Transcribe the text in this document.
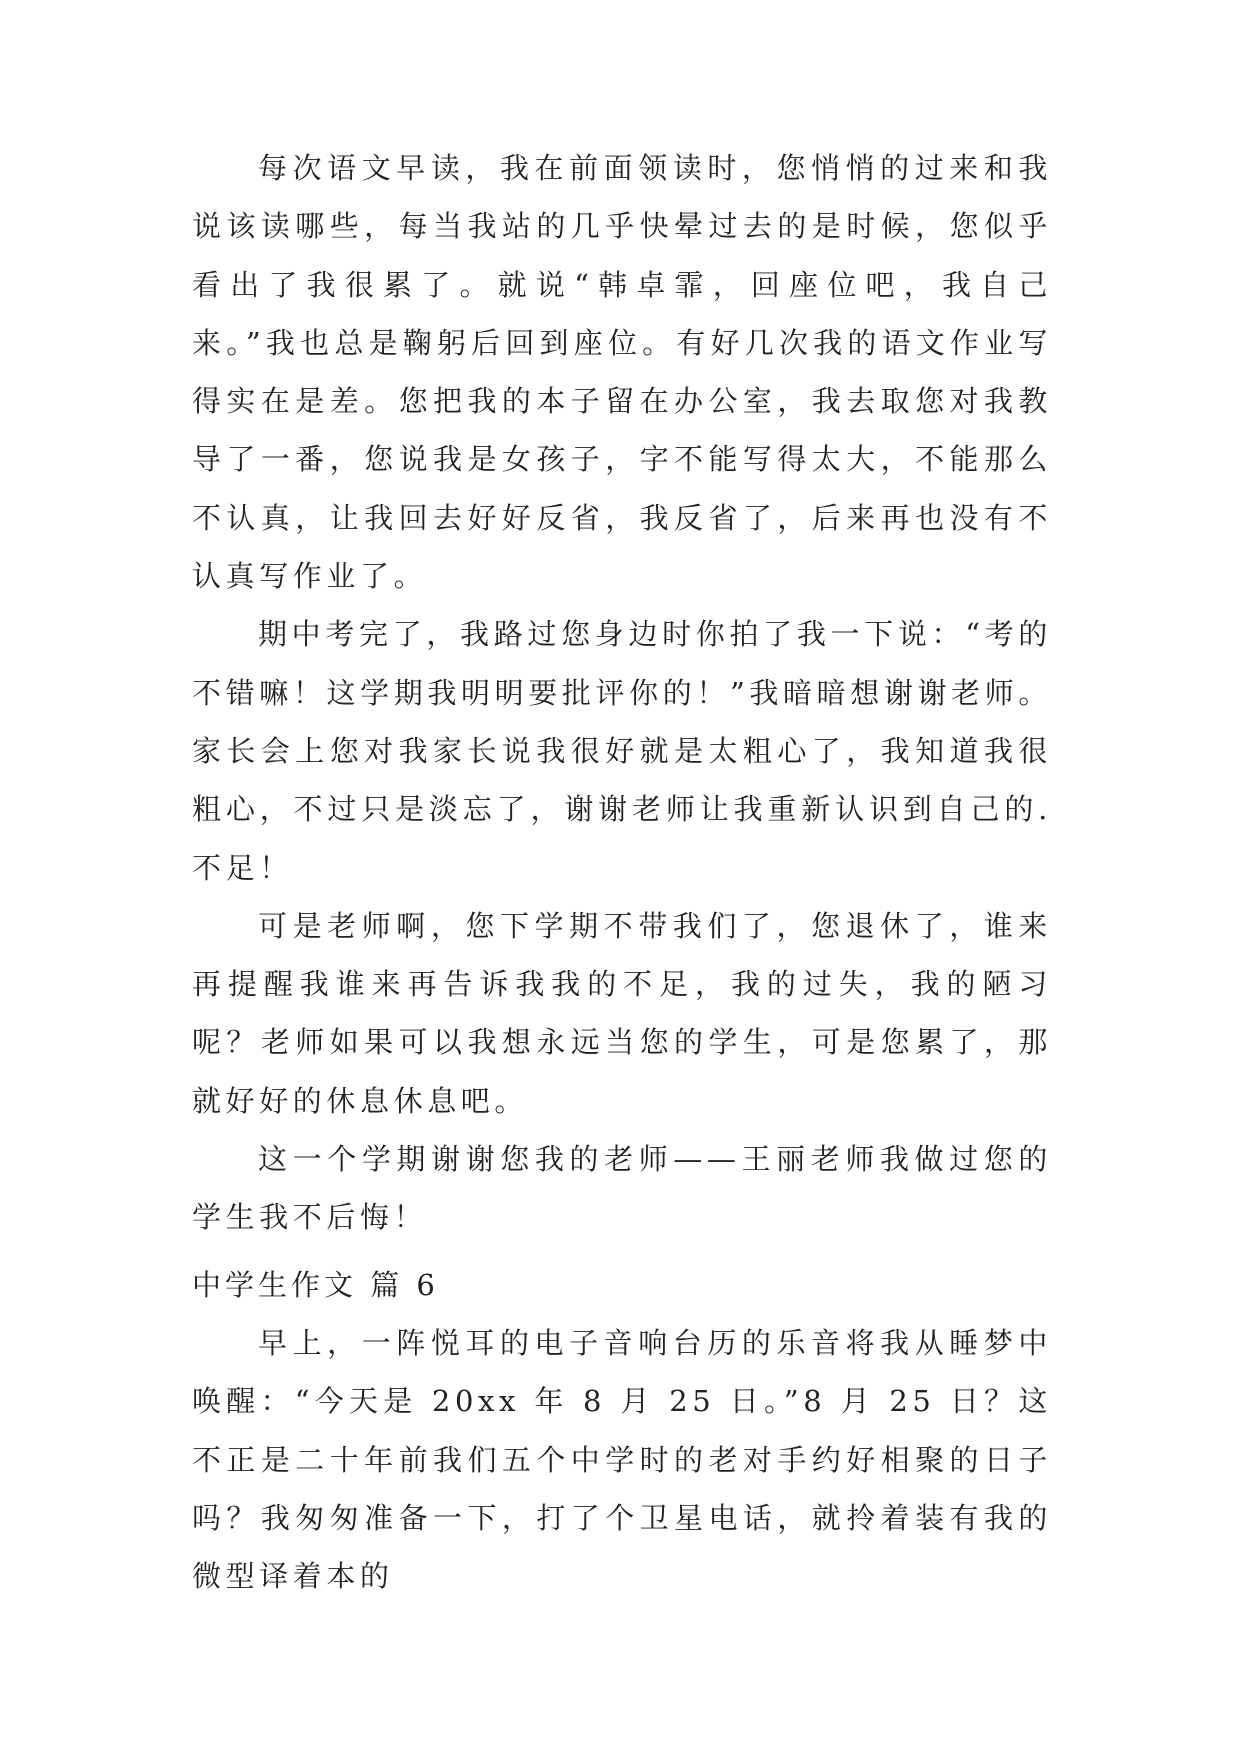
每次语文早读，我在前面领读时，您悄悄的过来和我说该读哪些，每当我站的几乎快晕过去的是时候，您似乎看出了我很累了。就说“韩卓霏，回座位吧，我自己来。”我也总是鞠躬后回到座位。有好几次我的语文作业写得实在是差。您把我的本子留在办公室，我去取您对我教导了一番，您说我是女孩子，字不能写得太大，不能那么不认真，让我回去好好反省，我反省了，后来再也没有不认真写作业了。

期中考完了，我路过您身边时你拍了我一下说：“考的不错嘛！这学期我明明要批评你的！”我暗暗想谢谢老师。家长会上您对我家长说我很好就是太粗心了，我知道我很粗心，不过只是淡忘了，谢谢老师让我重新认识到自己的.不足！

可是老师啊，您下学期不带我们了，您退休了，谁来再提醒我谁来再告诉我我的不足，我的过失，我的陋习呢？老师如果可以我想永远当您的学生，可是您累了，那就好好的休息休息吧。

这一个学期谢谢您我的老师——王丽老师我做过您的学生我不后悔！

中学生作文 篇 6

早上，一阵悦耳的电子音响台历的乐音将我从睡梦中唤醒：“今天是 20xx 年 8 月 25 日。”8 月 25 日？这不正是二十年前我们五个中学时的老对手约好相聚的日子吗？我匆匆准备一下，打了个卫星电话，就拎着装有我的微型译着本的
